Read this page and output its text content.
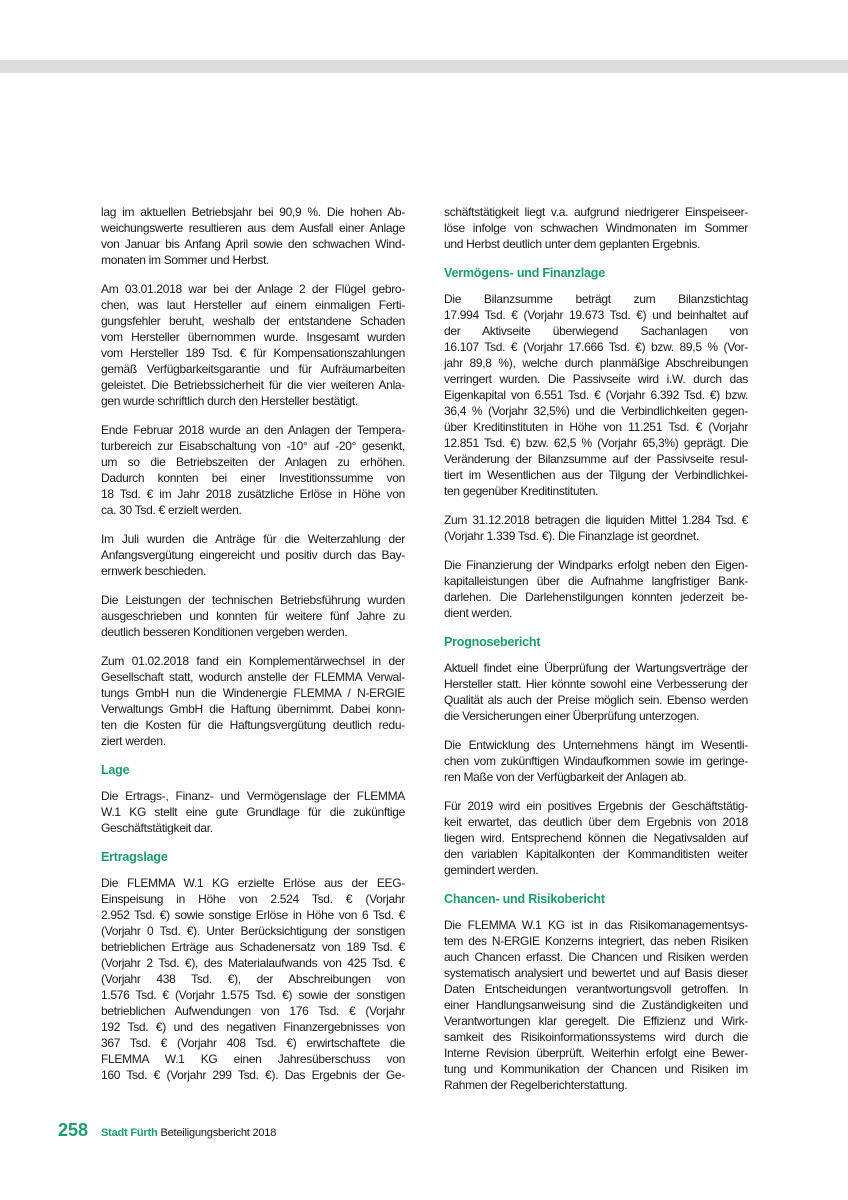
lag im aktuellen Betriebsjahr bei 90,9 %. Die hohen Ab-
weichungswerte resultieren aus dem Ausfall einer Anlage
von Januar bis Anfang April sowie den schwachen Wind-
monaten im Sommer und Herbst.
Am 03.01.2018 war bei der Anlage 2 der Flügel gebro-
chen, was laut Hersteller auf einem einmaligen Ferti-
gungsfehler beruht, weshalb der entstandene Schaden
vom Hersteller übernommen wurde. Insgesamt wurden
vom Hersteller 189 Tsd. € für Kompensationszahlungen
gemäß Verfügbarkeitsgarantie und für Aufräumarbeiten
geleistet. Die Betriebssicherheit für die vier weiteren Anla-
gen wurde schriftlich durch den Hersteller bestätigt.
Ende Februar 2018 wurde an den Anlagen der Tempera-
turbereich zur Eisabschaltung von -10° auf -20° gesenkt,
um so die Betriebszeiten der Anlagen zu erhöhen.
Dadurch konnten bei einer Investitionssumme von
18 Tsd. € im Jahr 2018 zusätzliche Erlöse in Höhe von
ca. 30 Tsd. € erzielt werden.
Im Juli wurden die Anträge für die Weiterzahlung der
Anfangsvergütung eingereicht und positiv durch das Bay-
ernwerk beschieden.
Die Leistungen der technischen Betriebsführung wurden
ausgeschrieben und konnten für weitere fünf Jahre zu
deutlich besseren Konditionen vergeben werden.
Zum 01.02.2018 fand ein Komplementärwechsel in der
Gesellschaft statt, wodurch anstelle der FLEMMA Verwal-
tungs GmbH nun die Windenergie FLEMMA / N-ERGIE
Verwaltungs GmbH die Haftung übernimmt. Dabei konn-
ten die Kosten für die Haftungsvergütung deutlich redu-
ziert werden.
Lage
Die Ertrags-, Finanz- und Vermögenslage der FLEMMA
W.1 KG stellt eine gute Grundlage für die zukünftige
Geschäftstätigkeit dar.
Ertragslage
Die FLEMMA W.1 KG erzielte Erlöse aus der EEG-
Einspeisung in Höhe von 2.524 Tsd. € (Vorjahr
2.952 Tsd. €) sowie sonstige Erlöse in Höhe von 6 Tsd. €
(Vorjahr 0 Tsd. €). Unter Berücksichtigung der sonstigen
betrieblichen Erträge aus Schadenersatz von 189 Tsd. €
(Vorjahr 2 Tsd. €), des Materialaufwands von 425 Tsd. €
(Vorjahr 438 Tsd. €), der Abschreibungen von
1.576 Tsd. € (Vorjahr 1.575 Tsd. €) sowie der sonstigen
betrieblichen Aufwendungen von 176 Tsd. € (Vorjahr
192 Tsd. €) und des negativen Finanzergebnisses von
367 Tsd. € (Vorjahr 408 Tsd. €) erwirtschaftete die
FLEMMA W.1 KG einen Jahresüberschuss von
160 Tsd. € (Vorjahr 299 Tsd. €). Das Ergebnis der Ge-
schäftstätigkeit liegt v.a. aufgrund niedrigerer Einspeiseer-
löse infolge von schwachen Windmonaten im Sommer
und Herbst deutlich unter dem geplanten Ergebnis.
Vermögens- und Finanzlage
Die Bilanzsumme beträgt zum Bilanzstichtag
17.994 Tsd. € (Vorjahr 19.673 Tsd. €) und beinhaltet auf
der Aktivseite überwiegend Sachanlagen von
16.107 Tsd. € (Vorjahr 17.666 Tsd. €) bzw. 89,5 % (Vor-
jahr 89,8 %), welche durch planmäßige Abschreibungen
verringert wurden. Die Passivseite wird i.W. durch das
Eigenkapital von 6.551 Tsd. € (Vorjahr 6.392 Tsd. €) bzw.
36,4 % (Vorjahr 32,5%) und die Verbindlichkeiten gegen-
über Kreditinstituten in Höhe von 11.251 Tsd. € (Vorjahr
12.851 Tsd. €) bzw. 62,5 % (Vorjahr 65,3%) geprägt. Die
Veränderung der Bilanzsumme auf der Passivseite resul-
tiert im Wesentlichen aus der Tilgung der Verbindlichkei-
ten gegenüber Kreditinstituten.
Zum 31.12.2018 betragen die liquiden Mittel 1.284 Tsd. €
(Vorjahr 1.339 Tsd. €). Die Finanzlage ist geordnet.
Die Finanzierung der Windparks erfolgt neben den Eigen-
kapitalleistungen über die Aufnahme langfristiger Bank-
darlehen. Die Darlehenstilgungen konnten jederzeit be-
dient werden.
Prognosebericht
Aktuell findet eine Überprüfung der Wartungsverträge der
Hersteller statt. Hier könnte sowohl eine Verbesserung der
Qualität als auch der Preise möglich sein. Ebenso werden
die Versicherungen einer Überprüfung unterzogen.
Die Entwicklung des Unternehmens hängt im Wesentli-
chen vom zukünftigen Windaufkommen sowie im geringe-
ren Maße von der Verfügbarkeit der Anlagen ab.
Für 2019 wird ein positives Ergebnis der Geschäftstätig-
keit erwartet, das deutlich über dem Ergebnis von 2018
liegen wird. Entsprechend können die Negativsalden auf
den variablen Kapitalkonten der Kommanditisten weiter
gemindert werden.
Chancen- und Risikobericht
Die FLEMMA W.1 KG ist in das Risikomanagementsys-
tem des N-ERGIE Konzerns integriert, das neben Risiken
auch Chancen erfasst. Die Chancen und Risiken werden
systematisch analysiert und bewertet und auf Basis dieser
Daten Entscheidungen verantwortungsvoll getroffen. In
einer Handlungsanweisung sind die Zuständigkeiten und
Verantwortungen klar geregelt. Die Effizienz und Wirk-
samkeit des Risikoinformationssystems wird durch die
Interne Revision überprüft. Weiterhin erfolgt eine Bewer-
tung und Kommunikation der Chancen und Risiken im
Rahmen der Regelberichterstattung.
258	Stadt Fürth Beteiligungsbericht 2018
